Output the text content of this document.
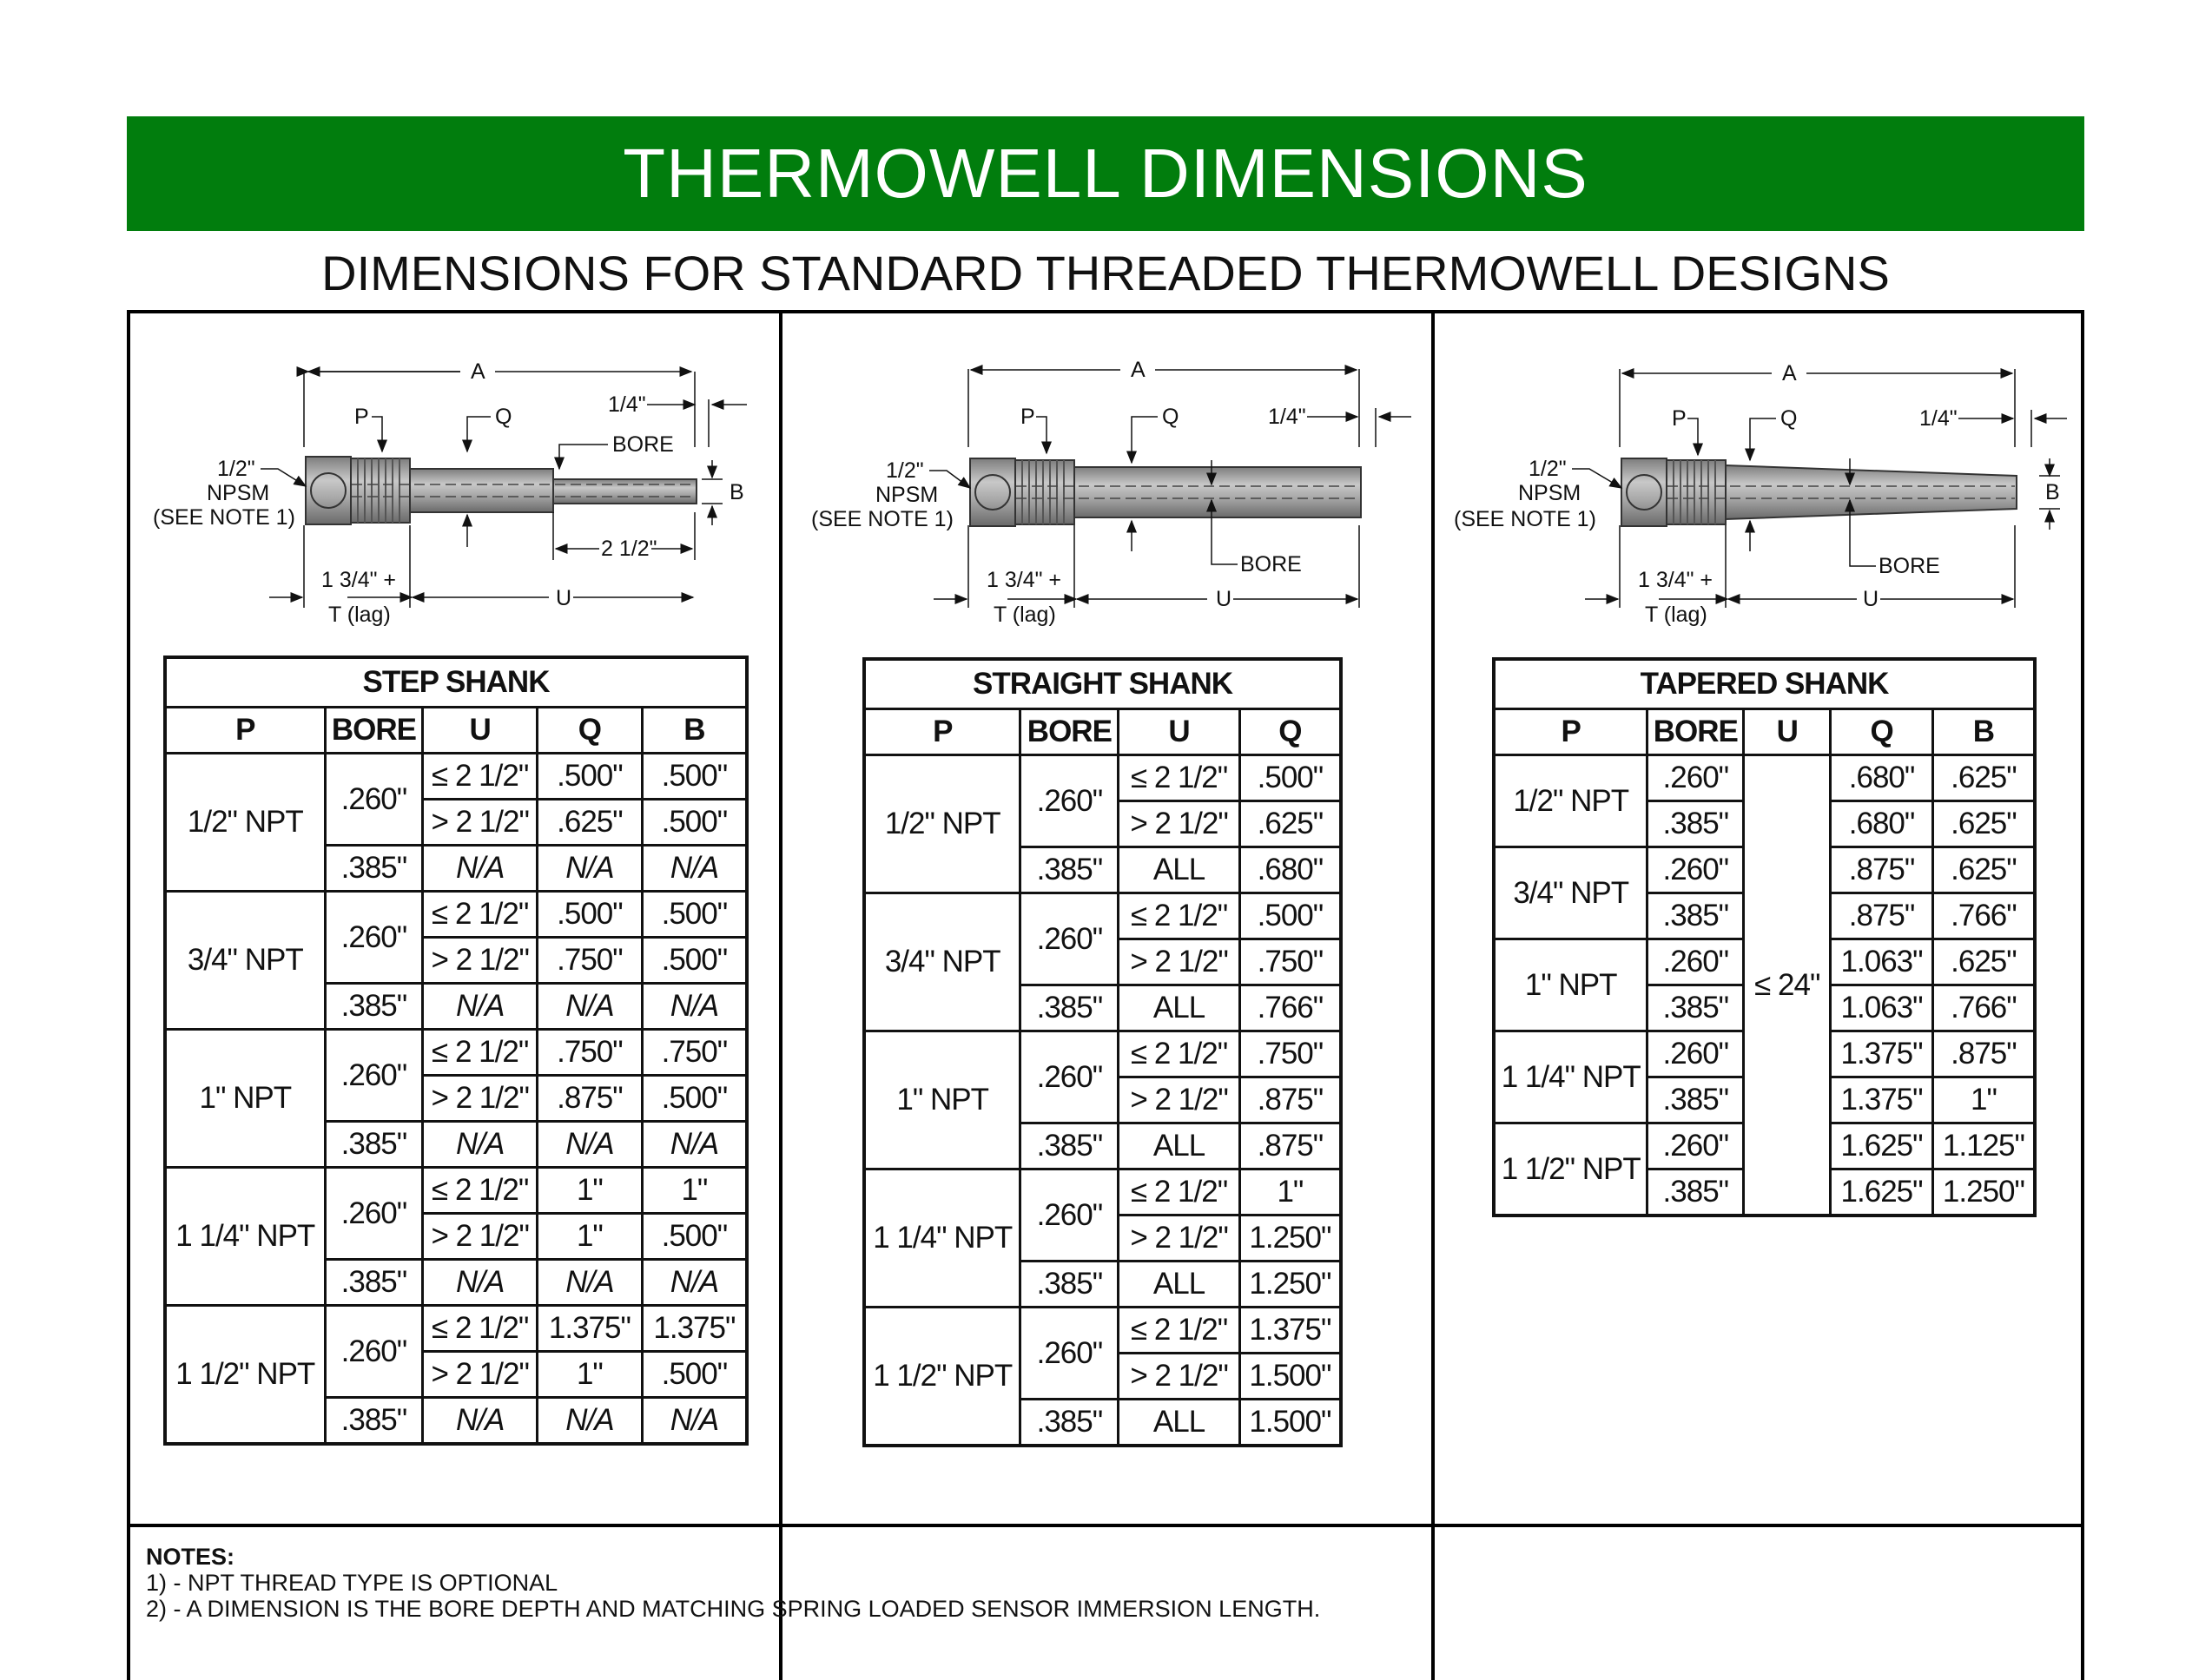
THERMOWELL DIMENSIONS
DIMENSIONS FOR STANDARD THREADED THERMOWELL DESIGNS
A
P	Q	1/4"
BORE
B
1/2"
NPSM
(SEE NOTE 1)
2 1/2"
U
1 3/4" +
T (lag)
A
P	Q	1/4"
BORE
1/2"
NPSM
(SEE NOTE 1)
U
1 3/4" +
T (lag)
A
P	Q	1/4"
BORE
B
1/2"
NPSM
(SEE NOTE 1)
U
1 3/4" +
T (lag)
STEP SHANK				
P	BORE	U	Q	B
1/2" NPT	.260"	≤ 2 1/2"	.500"	.500"
		> 2 1/2"	.625"	.500"
	.385"	N/A	N/A	N/A
3/4" NPT	.260"	≤ 2 1/2"	.500"	.500"
		> 2 1/2"	.750"	.500"
	.385"	N/A	N/A	N/A
1" NPT	.260"	≤ 2 1/2"	.750"	.750"
		> 2 1/2"	.875"	.500"
	.385"	N/A	N/A	N/A
1 1/4" NPT	.260"	≤ 2 1/2"	1"	1"
		> 2 1/2"	1"	.500"
	.385"	N/A	N/A	N/A
1 1/2" NPT	.260"	≤ 2 1/2"	1.375"	1.375"
		> 2 1/2"	1"	.500"
	.385"	N/A	N/A	N/A
STRAIGHT SHANK			
P	BORE	U	Q
1/2" NPT	.260"	≤ 2 1/2"	.500"
		> 2 1/2"	.625"
	.385"	ALL	.680"
3/4" NPT	.260"	≤ 2 1/2"	.500"
		> 2 1/2"	.750"
	.385"	ALL	.766"
1" NPT	.260"	≤ 2 1/2"	.750"
		> 2 1/2"	.875"
	.385"	ALL	.875"
1 1/4" NPT	.260"	≤ 2 1/2"	1"
		> 2 1/2"	1.250"
	.385"	ALL	1.250"
1 1/2" NPT	.260"	≤ 2 1/2"	1.375"
		> 2 1/2"	1.500"
	.385"	ALL	1.500"
TAPERED SHANK				
P	BORE	U	Q	B
1/2" NPT	.260"	≤ 24"	.680"	.625"
	.385"		.680"	.625"
3/4" NPT	.260"		.875"	.625"
	.385"		.875"	.766"
1" NPT	.260"		1.063"	.625"
	.385"		1.063"	.766"
1 1/4" NPT	.260"		1.375"	.875"
	.385"		1.375"	1"
1 1/2" NPT	.260"		1.625"	1.125"
	.385"		1.625"	1.250"
NOTES:
1) - NPT THREAD TYPE IS OPTIONAL
2) - A DIMENSION IS THE BORE DEPTH AND MATCHING SPRING LOADED SENSOR IMMERSION LENGTH.
